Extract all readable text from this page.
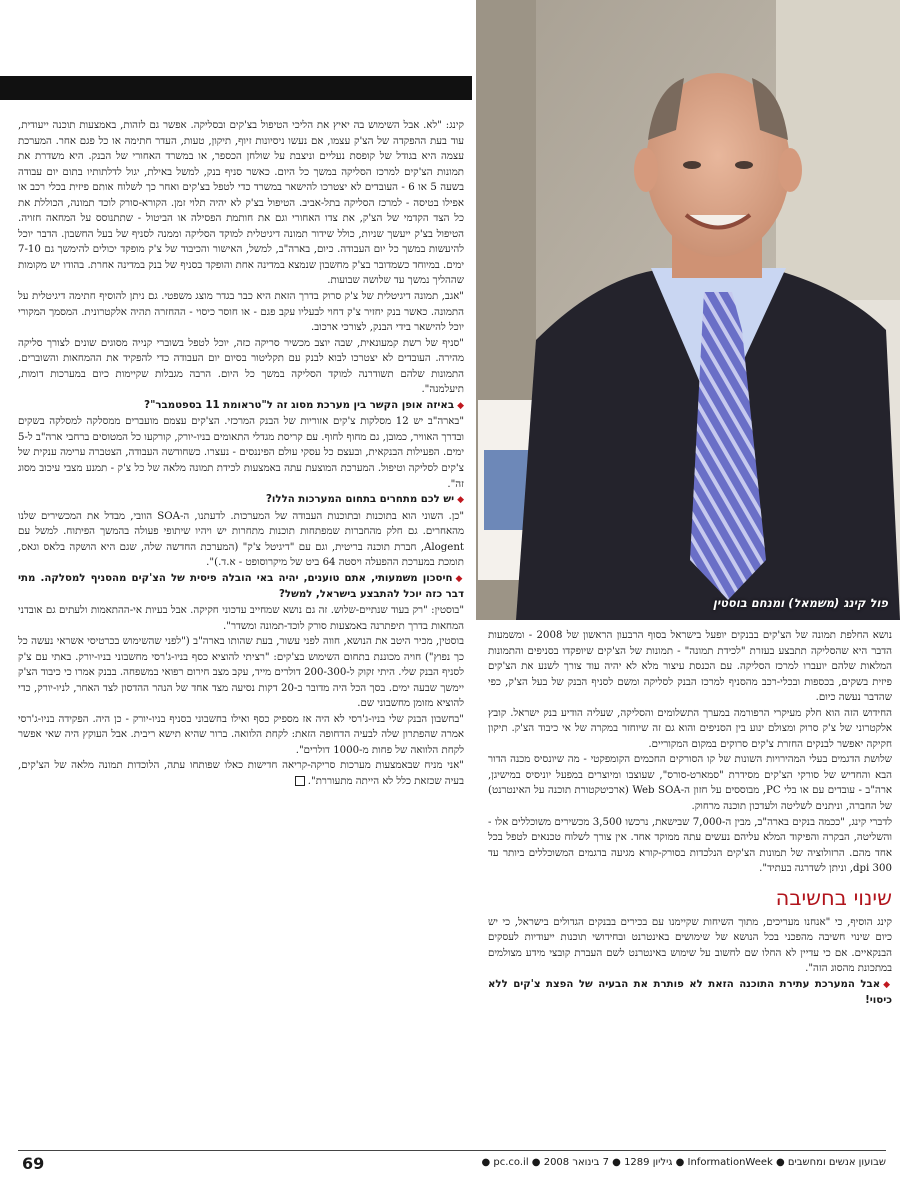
פול קינג (משמאל) ומנחם בוסטין

קינג: "לא. אבל השימוש בה יאיץ את הליכי הטיפול בצ'קים ובסליקה. אפשר גם לזהות, באמצעות תוכנה ייעודית, עוד בעת ההפקדה של הצ'ק עצמו, אם נעשו ניסיונות זיוף, תיקון, טעות, העדר חתימה או כל פגם אחר. המערכת עצמה היא בגודל של קופסת נעליים וניצבת על שולחן הכספר, או במשרד האחורי של הבנק. היא משדרת את תמונות הצ'קים למרכז הסליקה במשך כל היום. כאשר סניף בנק, למשל באילת, יגול לדלתותיו בתום יום עבודה בשעה 5 או 6 - העובדים לא יצטרכו להישאר במשרד כדי לטפל בצ'קים ואחר כך לשלוח אותם פיזית בכלי רכב או אפילו בטיסה - למרכז הסליקה בתל-אביב. הטיפול בצ'ק לא יהיה תלוי זמן. הקורא-סורק לוכד תמונה, הכוללת את כל הצד הקדמי של הצ'ק, את צדו האחורי וגם את חותמת הפסילה או הביטול - שתתנוסס על המחאה חזויה. הטיפול בצ'ק ייעשך שניות, כולל שידור תמונה דיגיטלית למוקד הסליקה וממנה לסניף של בעל החשבון. הדבר יוכל להיעשות במשך כל יום העבודה. כיום, בארה"ב, למשל, האישור והכיבוד של צ'ק מופקד יכולים להימשך גם 7-10 ימים. במיוחד כשמדובר בצ'ק מחשבון שנמצא במדינה אחת והופקד בסניף של בנק במדינה אחרת. בהודו יש מקומות שההליך נמשך עד שלושה שבועות.

"אגב, תמונה דיגיטלית של צ'ק סרוק בדרך הזאת היא כבר בגדר מוצג משפטי. גם ניתן להוסיף חתימה דיגיטלית על התמונה. כאשר בנק יחזיר צ'ק דחוי לבעליו עקב פגם - או חוסר כיסוי - ההחזרה תהיה אלקטרונית. המסמך המקורי יוכל להישאר בידי הבנק, לצורכי ארכוב.

"סניף של רשת קמעונאית, שבה יוצב מכשיר סריקה כזה, יוכל לטפל בשוברי קנייה מסוגים שונים לצורך סליקה מהירה. העובדים לא יצטרכו לבוא לבנק עם תקליטור בסיום יום העבודה כדי להפקיד את ההמחאות והשוברים. התמונות שלהם תשודרנה למוקד הסליקה במשך כל היום. הרבה מגבלות שקיימות כיום במערכות דומות, תיעלמנה".

◆באיזה אופן הקשר בין מערכת מסוג זה ל"טראומת 11 בספטמבר"?

"בארה"ב יש 12 מסלקות צ'קים אזוריות של הבנק המרכזי. הצ'קים עצמם מועברים ממסלקה למסלקה בשקים ובדרך האוויר, כמובן, גם מחוף לחוף. עם קריסת מגדלי התאומים בניו-יורק, קורקעו כל המטוסים ברחבי ארה"ב ל-5 ימים. הפעילות הבנקאית, ובעצם כל עסקי עולם הפיננסים - נעצרו. כשחודשה העבודה, הצטברה ערימה ענקית של צ'קים לסליקה וטיפול. המערכת המוצעת עתה באמצעות לכידת תמונה מלאה של כל צ'ק - תמנע מצבי עיכוב מסוג זה".

◆יש לכם מתחרים בתחום המערכות הללו?

"כן. השוני הוא בתוכנות ובתוכנות העבודה של המערכות. לדעתנו, ה-SOA הוובי, מבדל את המכשירים שלנו מהאחרים. גם חלק מהחברות שמפתחות תוכנות מתחרות יש ויהיו שיתופי פעולה בהמשך הפיתוח. למשל עם Alogent, חברת תוכנה בריטית, וגם עם "דיגיטל צ'ק" (המערכת החדשה שלה, שגם היא הושקה בלאס וגאס, תומכת במערכת ההפעלה ויסטה 64 ביט של מיקרוסופט - א.ד.)".

◆חיסכון משמעותי, אתם טוענים, יהיה באי הובלה פיסית של הצ'קים מהסניף למסלקה. מתי דבר כזה יוכל להתבצע בישראל, למשל?

"בוסטין: "רק בעוד שנתיים-שלוש. זה גם נושא שמחייב עדכוני חקיקה. אבל בעיות אי-ההתאמות ולעתים גם אובדני המחאות בדרך תיפתרנה באמצעות סורק לוכד-תמונה ומשדר".

בוסטין, מכיר היטב את הנושא, חווה לפני עשור, בעת שהותו בארה"ב ("לפני שהשימוש בכרטיסי אשראי נעשה כל כך נפוץ") חויה מכוננת בתחום השימוש בצ'קים: "רציתי להוציא כסף בניו-ג'רסי מחשבוני בניו-יורק. באתי עם צ'ק לסניף הבנק שלי. היתי זקוק ל-200-300 דולרים מייד, עקב מצב חירום רפואי במשפחה. בבנק אמרו כי כיבוד הצ'ק יימשך שבעה ימים. בסך הכל היה מדובר ב-20 דקות נסיעה מצד אחד של הנהר ההדסון לצד האחר, לניו-יורק, כדי להוציא מזומן מחשבוני שם.

"בחשבון הבנק שלי בניו-ג'רסי לא היה אז מספיק כסף ואילו בחשבוני בסניף בניו-יורק - כן היה. הפקידה בניו-ג'רסי אמרה שהפתרון שלה לבעיה הדחופה הזאת: לקחת הלוואה. ברור שהיא תישא ריבית. אבל העוקץ היה שאי אפשר לקחת הלוואה של פחות מ-1000 דולרים".

"אני מניח שבאמצעות מערכות סריקה-קריאה חדישות כאלו שפותחו עתה, הלוכדות תמונה מלאה של הצ'קים, בעיה שכזאת כלל לא הייתה מתעוררת".

נושא החלפת תמונה של הצ'קים בבנקים יופעל בישראל בסוף הרבעון הראשון של 2008 - ומשמעות הדבר היא שהסליקה תתבצע בעזרת "לכידת תמונה" - תמונות של הצ'קים שיופקדו בסניפים והתמונות המלאות שלהם יועברו למרכז הסליקה. עם הכנסת עיצור מלא לא יהיה עוד צורך לשנע את הצ'קים פיזית בשקים, בכספות ובכלי-רכב מהסניף למרכז הבנק לסליקה ומשם לסניף הבנק של בעל הצ'ק, כפי שהדבר נעשה כיום.

החידוש הזה הוא חלק מעיקרי הרפורמה במערך התשלומים והסליקה, שעליה הודיע בנק ישראל. קובץ אלקטרוני של צ'ק סרוק ומצולם ינוע בין הסניפים והוא גם זה שיוחזר במקרה של אי כיבוד הצ'ק. תיקון חקיקה יאפשר לבנקים החזרת צ'קים סרוקים במקום המקוריים.

שלושת הדגמים בעלי המהירויות השונות של קו הסורקים החכמים הקומפקטי - מה שיונסיס מכנה הדור הבא והחדיש של סורקי הצ'קים מסידרת "סמארט-סורס", שעוצבו ומיוצרים במפעל יוניסיס במישיגן, ארה"ב - עובדים עם או בלי PC, מבוססים על חזון ה-Web SOA (ארכיטקטורת תוכנה על האינטרנט) של החברה, וניתנים לשליטה ולעדכון תוכנה מרחוק.

לדברי קינג, "ככמה בנקים בארה"ב, מבין ה-7,000 שבישאת, נרכשו 3,500 מכשירים משוכללים אלו - והשליטה, הבקרה והפיקוד המלא עליהם נעשים עתה ממוקד אחד. אין צורך לשלוח טכנאים לטפל בכל אחד מהם. הרזולוציה של תמונות הצ'קים הנלכדות בסורק-קורא מגיעה בדגמים המשוכללים ביותר עד 300 dpi, וניתן לשדרגה בעתיד".

שינוי בחשיבה

קינג הוסיף, כי "אנחנו מעריכים, מתוך השיחות שקיימנו עם בכירים בבנקים הגדולים בישראל, כי יש כיום שינוי חשיבה מהפכני בכל הנושא של שימושים באינטרנט ובחידושי תוכנות ייעודיות לעסקים הבנקאיים. אם כי עדיין לא החלו שם לחשוב על שימוש באינטרנט לשם העברת קובצי מידע מצולמים במתכונת מהסוג הזה".

◆אבל המערכת עתירת התוכנה הזאת לא פותרת את הבעיה של הפצת צ'קים ללא כיסוי!

69	שבועון אנשים ומחשבים ● InformationWeek ● גיליון 1289 ● 7 בינואר 2008 ● pc.co.il ●
